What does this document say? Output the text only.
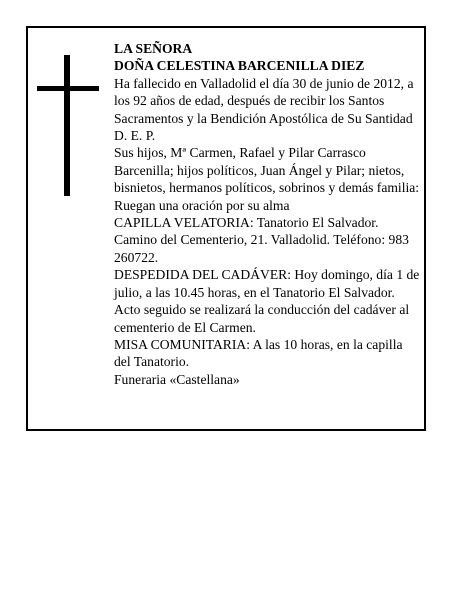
LA SEÑORA

DOÑA CELESTINA BARCENILLA DIEZ

Ha fallecido en Valladolid el día 30 de junio de 2012, a los 92 años de edad, después de recibir los Santos Sacramentos y la Bendición Apostólica de Su Santidad D. E. P.

Sus hijos, Mª Carmen, Rafael y Pilar Carrasco Barcenilla; hijos políticos, Juan Ángel y Pilar; nietos, bisnietos, hermanos políticos, sobrinos y demás familia: Ruegan una oración por su alma

CAPILLA VELATORIA: Tanatorio El Salvador. Camino del Cementerio, 21. Valladolid. Teléfono: 983 260722.

DESPEDIDA DEL CADÁVER: Hoy domingo, día 1 de julio, a las 10.45 horas, en el Tanatorio El Salvador. Acto seguido se realizará la conducción del cadáver al cementerio de El Carmen.

MISA COMUNITARIA: A las 10 horas, en la capilla del Tanatorio.

Funeraria «Castellana»
